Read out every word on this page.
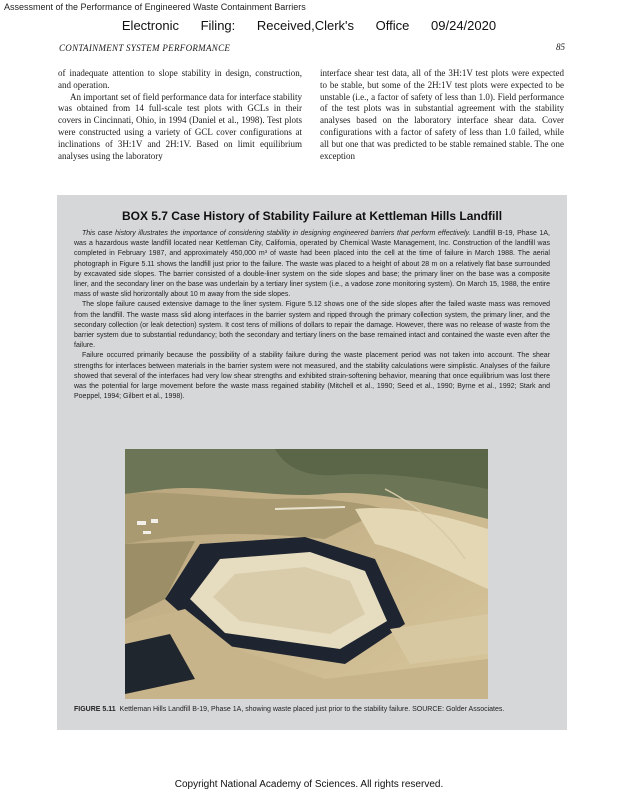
Assessment of the Performance of Engineered Waste Containment Barriers
Electronic Filing: Received,Clerk's Office 09/24/2020
CONTAINMENT SYSTEM PERFORMANCE	85

of inadequate attention to slope stability in design, construction, and operation.

An important set of field performance data for interface stability was obtained from 14 full-scale test plots with GCLs in their covers in Cincinnati, Ohio, in 1994 (Daniel et al., 1998). Test plots were constructed using a variety of GCL cover configurations at inclinations of 3H:1V and 2H:1V. Based on limit equilibrium analyses using the laboratory

interface shear test data, all of the 3H:1V test plots were expected to be stable, but some of the 2H:1V test plots were expected to be unstable (i.e., a factor of safety of less than 1.0). Field performance of the test plots was in substantial agreement with the stability analyses based on the laboratory interface shear data. Cover configurations with a factor of safety of less than 1.0 failed, while all but one that was predicted to be stable remained stable. The one exception

BOX 5.7 Case History of Stability Failure at Kettleman Hills Landfill

This case history illustrates the importance of considering stability in designing engineered barriers that perform effectively. Landfill B-19, Phase 1A, was a hazardous waste landfill located near Kettleman City, California, operated by Chemical Waste Management, Inc. Construction of the landfill was completed in February 1987, and approximately 450,000 m³ of waste had been placed into the cell at the time of failure in March 1988. The aerial photograph in Figure 5.11 shows the landfill just prior to the failure. The waste was placed to a height of about 28 m on a relatively flat base surrounded by excavated side slopes. The barrier consisted of a double-liner system on the side slopes and base; the primary liner on the base was a composite liner, and the secondary liner on the base was underlain by a tertiary liner system (i.e., a vadose zone monitoring system). On March 15, 1988, the entire mass of waste slid horizontally about 10 m away from the side slopes.

The slope failure caused extensive damage to the liner system. Figure 5.12 shows one of the side slopes after the failed waste mass was removed from the landfill. The waste mass slid along interfaces in the barrier system and ripped through the primary collection system, the primary liner, and the secondary collection (or leak detection) system. It cost tens of millions of dollars to repair the damage. However, there was no release of waste from the barrier system due to substantial redundancy; both the secondary and tertiary liners on the base remained intact and contained the waste even after the failure.

Failure occurred primarily because the possibility of a stability failure during the waste placement period was not taken into account. The shear strengths for interfaces between materials in the barrier system were not measured, and the stability calculations were simplistic. Analyses of the failure showed that several of the interfaces had very low shear strengths and exhibited strain-softening behavior, meaning that once equilibrium was lost there was the potential for large movement before the waste mass regained stability (Mitchell et al., 1990; Seed et al., 1990; Byrne et al., 1992; Stark and Poeppel, 1994; Gilbert et al., 1998).

FIGURE 5.11 Kettleman Hills Landfill B-19, Phase 1A, showing waste placed just prior to the stability failure. SOURCE: Golder Associates.
Copyright National Academy of Sciences. All rights reserved.
